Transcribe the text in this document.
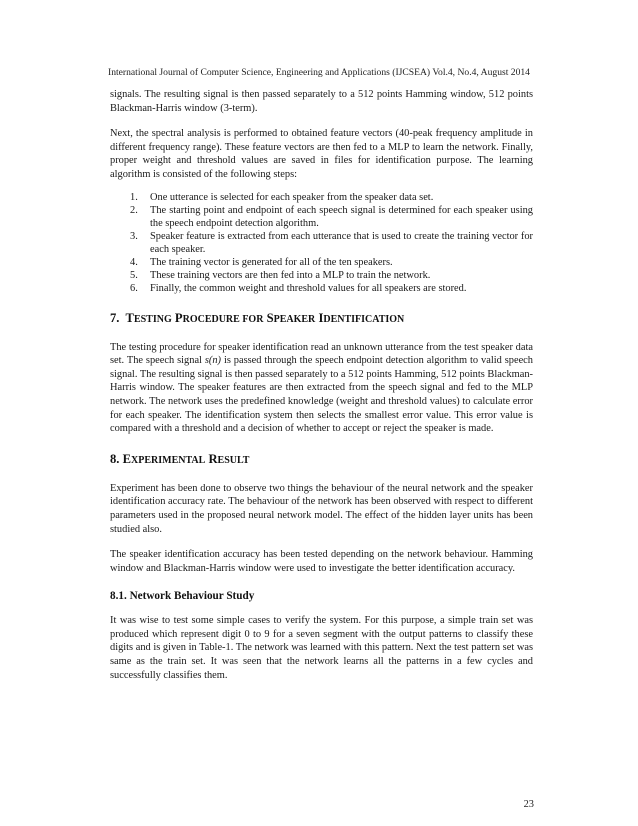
International Journal of Computer Science, Engineering and Applications (IJCSEA) Vol.4, No.4, August 2014

signals. The resulting signal is then passed separately to a 512 points Hamming window, 512 points Blackman-Harris window (3-term).

Next, the spectral analysis is performed to obtained feature vectors (40-peak frequency amplitude in different frequency range). These feature vectors are then fed to a MLP to learn the network. Finally, proper weight and threshold values are saved in files for identification purpose. The learning algorithm is consisted of the following steps:

1.	One utterance is selected for each speaker from the speaker data set.
2.	The starting point and endpoint of each speech signal is determined for each speaker using the speech endpoint detection algorithm.
3.	Speaker feature is extracted from each utterance that is used to create the training vector for each speaker.
4.	The training vector is generated for all of the ten speakers.
5.	These training vectors are then fed into a MLP to train the network.
6.	Finally, the common weight and threshold values for all speakers are stored.
7. TESTING PROCEDURE FOR SPEAKER IDENTIFICATION

The testing procedure for speaker identification read an unknown utterance from the test speaker data set. The speech signal s(n) is passed through the speech endpoint detection algorithm to valid speech signal. The resulting signal is then passed separately to a 512 points Hamming, 512 points Blackman-Harris window. The speaker features are then extracted from the speech signal and fed to the MLP network. The network uses the predefined knowledge (weight and threshold values) to calculate error for each speaker. The identification system then selects the smallest error value. This error value is compared with a threshold and a decision of whether to accept or reject the speaker is made.

8. EXPERIMENTAL RESULT

Experiment has been done to observe two things the behaviour of the neural network and the speaker identification accuracy rate. The behaviour of the network has been observed with respect to different parameters used in the proposed neural network model. The effect of the hidden layer units has been studied also.

The speaker identification accuracy has been tested depending on the network behaviour. Hamming window and Blackman-Harris window were used to investigate the better identification accuracy.

8.1. Network Behaviour Study

It was wise to test some simple cases to verify the system. For this purpose, a simple train set was produced which represent digit 0 to 9 for a seven segment with the output patterns to classify these digits and is given in Table-1. The network was learned with this pattern. Next the test pattern set was same as the train set. It was seen that the network learns all the patterns in a few cycles and successfully classifies them.

23
